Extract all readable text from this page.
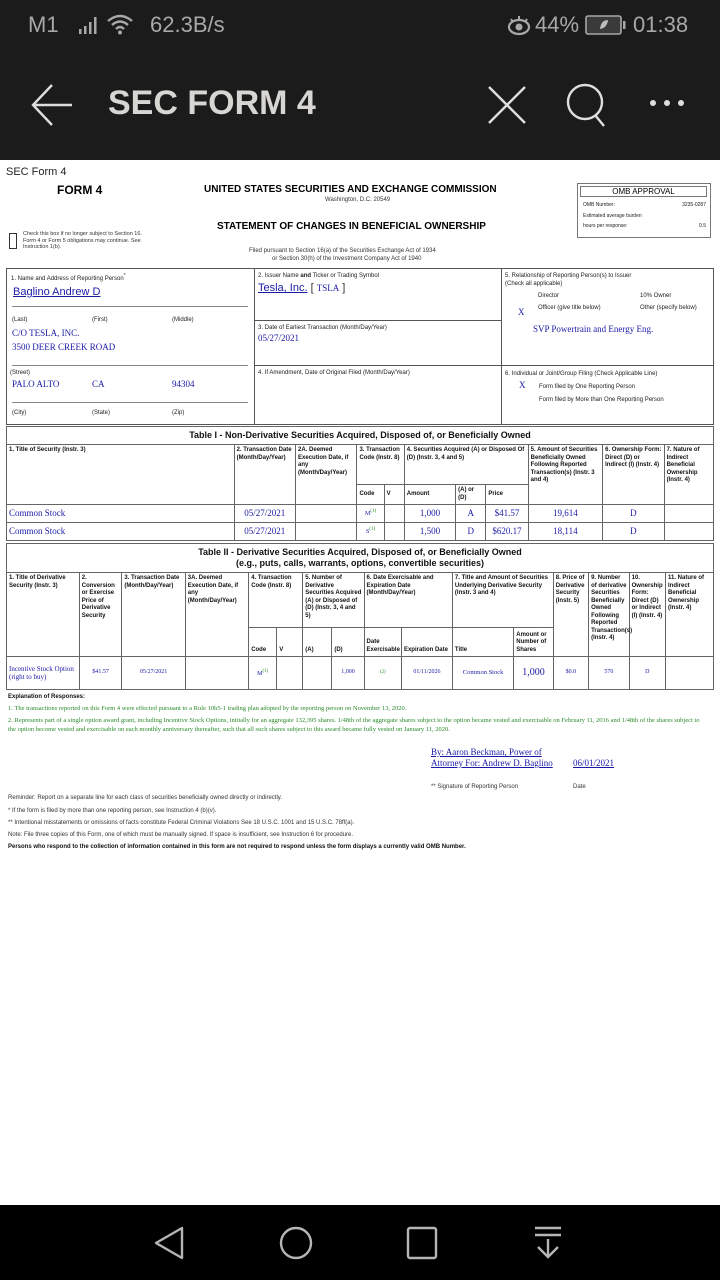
M1	62.3B/s	44% 01:38
SEC FORM 4
SEC Form 4
FORM 4	UNITED STATES SECURITIES AND EXCHANGE COMMISSION
Washington, D.C. 20549
STATEMENT OF CHANGES IN BENEFICIAL OWNERSHIP
Filed pursuant to Section 16(a) of the Securities Exchange Act of 1934
or Section 30(h) of the Investment Company Act of 1940
Check this box if no longer subject to Section 16. Form 4 or Form 5 obligations may continue. See Instruction 1(b).
OMB APPROVAL
OMB Number:	3235-0287
Estimated average burden
hours per response:	0.5
1. Name and Address of Reporting Person*
Baglino Andrew D
(Last)	(First)	(Middle)
C/O TESLA, INC.
3500 DEER CREEK ROAD
(Street)
PALO ALTO	CA	94304
(City)	(State)	(Zip)
2. Issuer Name and Ticker or Trading Symbol
Tesla, Inc. [ TSLA ]
3. Date of Earliest Transaction (Month/Day/Year)
05/27/2021
4. If Amendment, Date of Original Filed (Month/Day/Year)
5. Relationship of Reporting Person(s) to Issuer
(Check all applicable)
Director	10% Owner
X Officer (give title below)	Other (specify below)
SVP Powertrain and Energy Eng.
6. Individual or Joint/Group Filing (Check Applicable Line)
X Form filed by One Reporting Person
Form filed by More than One Reporting Person
Table I - Non-Derivative Securities Acquired, Disposed of, or Beneficially Owned										
1. Title of Security (Instr. 3)	2. Transaction Date (Month/Day/Year)	2A. Deemed Execution Date, if any (Month/Day/Year)	3. Transaction Code (Instr. 8)		4. Securities Acquired (A) or Disposed Of (D) (Instr. 3, 4 and 5)			5. Amount of Securities Beneficially Owned Following Reported Transaction(s) (Instr. 3 and 4)	6. Ownership Form: Direct (D) or Indirect (I) (Instr. 4)	7. Nature of Indirect Beneficial Ownership (Instr. 4)
			Code	V	Amount	(A) or (D)	Price			
Common Stock	05/27/2021		$M^{(1)}$		1,000	A	$41.57	19,614	D	
Common Stock	05/27/2021		$S^{(1)}$		1,500	D	$620.17	18,114	D	
Table II - Derivative Securities Acquired, Disposed of, or Beneficially Owned
(e.g., puts, calls, warrants, options, convertible securities)															
1. Title of Derivative Security (Instr. 3)	2. Conversion or Exercise Price of Derivative Security	3. Transaction Date (Month/Day/Year)	3A. Deemed Execution Date, if any (Month/Day/Year)	4. Transaction Code (Instr. 8)		5. Number of Derivative Securities Acquired (A) or Disposed of (D) (Instr. 3, 4 and 5)		6. Date Exercisable and Expiration Date (Month/Day/Year)		7. Title and Amount of Securities Underlying Derivative Security (Instr. 3 and 4)		8. Price of Derivative Security (Instr. 5)	9. Number of derivative Securities Beneficially Owned Following Reported Transaction(s) (Instr. 4)	10. Ownership Form: Direct (D) or Indirect (I) (Instr. 4)	11. Nature of Indirect Beneficial Ownership (Instr. 4)
				Code	V	(A)	(D)	Date Exercisable	Expiration Date	Title	Amount or Number of Shares				
Incentive Stock Option (right to buy)	$41.57	05/27/2021		$M^{(1)}$			1,000	(2)	01/11/2026	Common Stock	1,000	$0.0	570	D	
Explanation of Responses:
1. The transactions reported on this Form 4 were effected pursuant to a Rule 10b5-1 trading plan adopted by the reporting person on November 13, 2020.
2. Represents part of a single option award grant, including Incentive Stock Options, initially for an aggregate 132,395 shares. 1/48th of the aggregate shares subject to the option became vested and exercisable on February 11, 2016 and 1/48th of the shares subject to the option become vested and exercisable on each monthly anniversary thereafter, such that all such shares subject to this award became fully vested on January 11, 2020.
By: Aaron Beckman, Power of Attorney For: Andrew D. Baglino	06/01/2021
** Signature of Reporting Person	Date
Reminder: Report on a separate line for each class of securities beneficially owned directly or indirectly.
* If the form is filed by more than one reporting person, see Instruction 4 (b)(v).
** Intentional misstatements or omissions of facts constitute Federal Criminal Violations See 18 U.S.C. 1001 and 15 U.S.C. 78ff(a).
Note: File three copies of this Form, one of which must be manually signed. If space is insufficient, see Instruction 6 for procedure.
Persons who respond to the collection of information contained in this form are not required to respond unless the form displays a currently valid OMB Number.
